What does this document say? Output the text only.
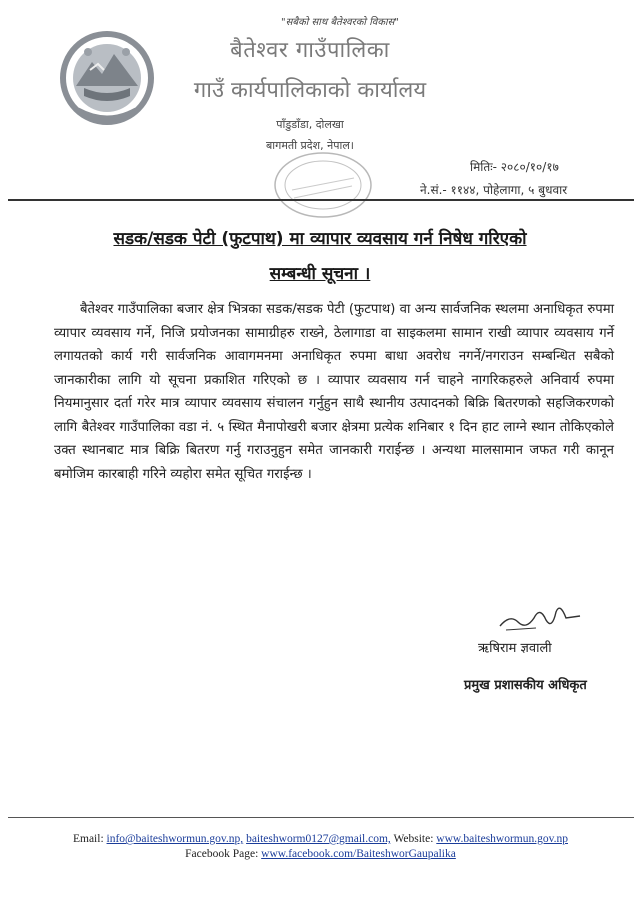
"सबैको साथ बैतेश्वरको विकास"
बैतेश्वर गाउँपालिका
गाउँ कार्यपालिकाको कार्यालय
पाँडुडाँडा, दोलखा
बागमती प्रदेश, नेपाल।
मितिः- २०८०/१०/१७
ने.सं.- ११४४, पोहेलागा, ५ बुधवार
सडक/सडक पेटी (फुटपाथ) मा व्यापार व्यवसाय गर्न निषेध गरिएको
सम्बन्धी सूचना ।
बैतेश्वर गाउँपालिका बजार क्षेत्र भित्रका सडक/सडक पेटी (फुटपाथ) वा अन्य सार्वजनिक स्थलमा अनाधिकृत रुपमा व्यापार व्यवसाय गर्ने, निजि प्रयोजनका सामाग्रीहरु राख्ने, ठेलागाडा वा साइकलमा सामान राखी व्यापार व्यवसाय गर्ने लगायतको कार्य गरी सार्वजनिक आवागमनमा अनाधिकृत रुपमा बाधा अवरोध नगर्ने/नगराउन सम्बन्धित सबैको जानकारीका लागि यो सूचना प्रकाशित गरिएको छ । व्यापार व्यवसाय गर्न चाहने नागरिकहरुले अनिवार्य रुपमा नियमानुसार दर्ता गरेर मात्र व्यापार व्यवसाय संचालन गर्नुहुन साथै स्थानीय उत्पादनको बिक्रि बितरणको सहजिकरणको लागि बैतेश्वर गाउँपालिका वडा नं. ५ स्थित मैनापोखरी बजार क्षेत्रमा प्रत्येक शनिबार १ दिन हाट लाग्ने स्थान तोकिएकोले उक्त स्थानबाट मात्र बिक्रि बितरण गर्नु गराउनुहुन समेत जानकारी गराईन्छ । अन्यथा मालसामान जफत गरी कानून बमोजिम कारबाही गरिने व्यहोरा समेत सूचित गराईन्छ ।
ऋषिराम ज्ञवाली
प्रमुख प्रशासकीय अधिकृत
Email: info@baiteshwormun.gov.np, baiteshworm0127@gmail.com, Website: www.baiteshwormun.gov.np
Facebook Page: www.facebook.com/BaiteshworGaupalika
